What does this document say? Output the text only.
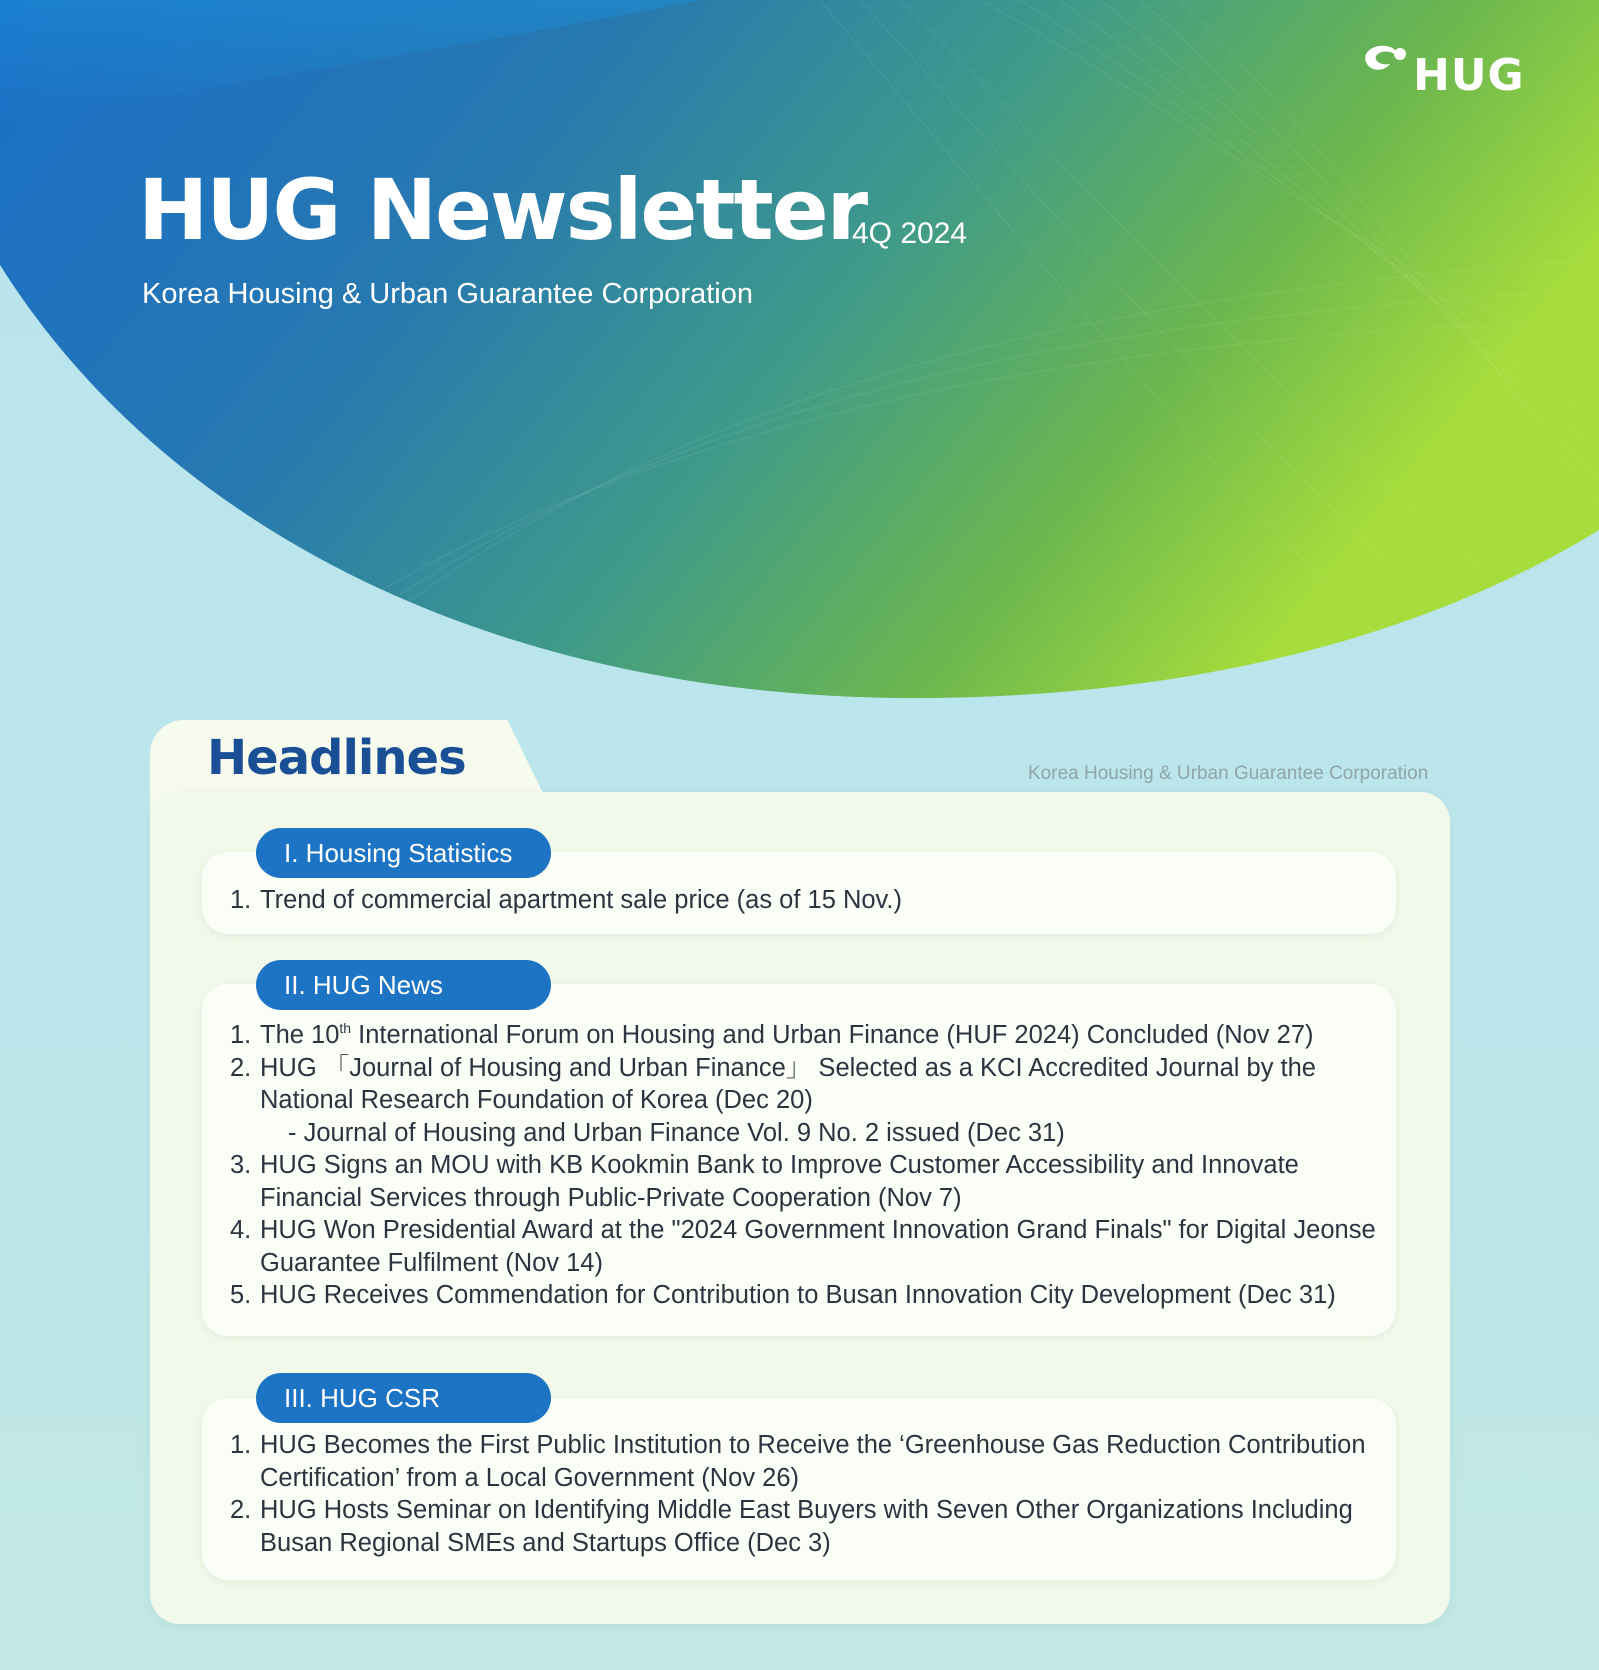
HUG
HUG Newsletter
4Q 2024
Korea Housing & Urban Guarantee Corporation
Headlines	Korea Housing & Urban Guarantee Corporation
I. Housing Statistics
II. HUG News
III. HUG CSR
1. Trend of commercial apartment sale price (as of 15 Nov.)
1. The 10th International Forum on Housing and Urban Finance (HUF 2024) Concluded (Nov 27)
2. HUG 「Journal of Housing and Urban Finance」 Selected as a KCI Accredited Journal by the National Research Foundation of Korea (Dec 20)
- Journal of Housing and Urban Finance Vol. 9 No. 2 issued (Dec 31)
3. HUG Signs an MOU with KB Kookmin Bank to Improve Customer Accessibility and Innovate Financial Services through Public-Private Cooperation (Nov 7)
4. HUG Won Presidential Award at the "2024 Government Innovation Grand Finals" for Digital Jeonse Guarantee Fulfilment (Nov 14)
5. HUG Receives Commendation for Contribution to Busan Innovation City Development (Dec 31)
1. HUG Becomes the First Public Institution to Receive the ‘Greenhouse Gas Reduction Contribution Certification’ from a Local Government (Nov 26)
2. HUG Hosts Seminar on Identifying Middle East Buyers with Seven Other Organizations Including Busan Regional SMEs and Startups Office (Dec 3)
